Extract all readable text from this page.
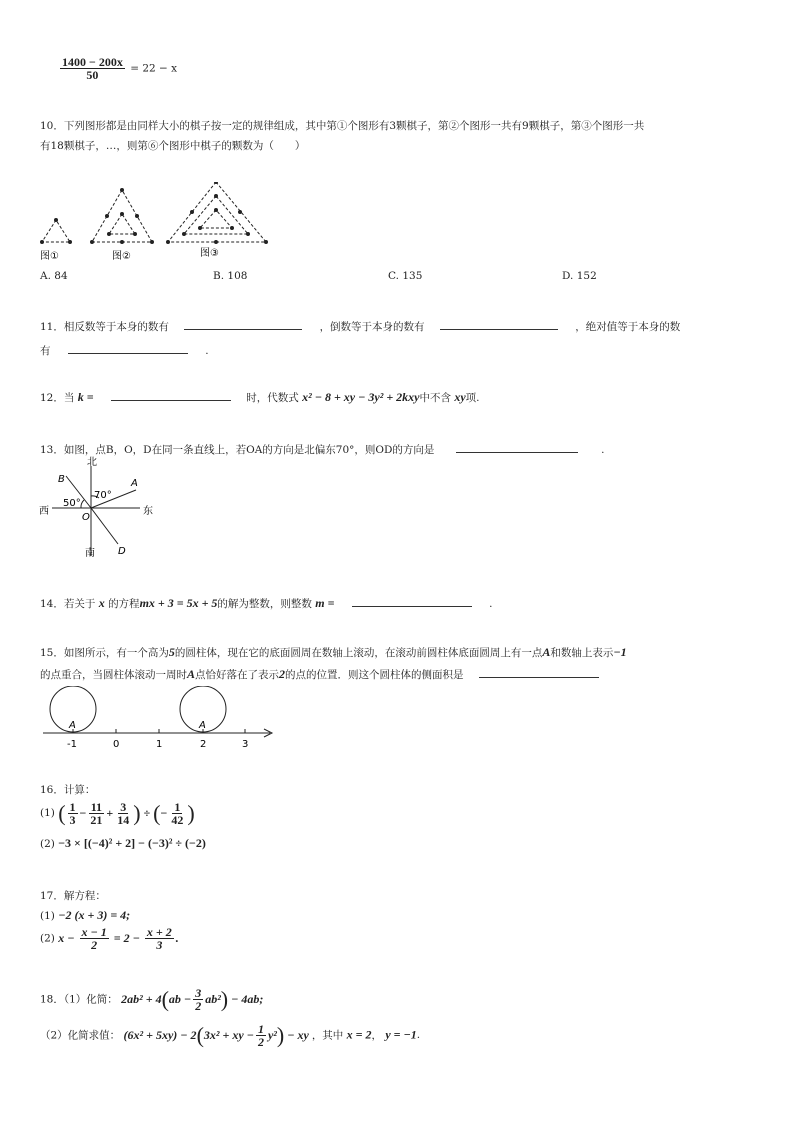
$\frac{1400 - 200x}{50} = 22 - x$
10．下列图形都是由同样大小的棋子按一定的规律组成，其中第①个图形有3颗棋子，第②个图形一共有9颗棋子，第③个图形一共
有18颗棋子，…，则第⑥个图形中棋子的颗数为（　　）
图①	图②	图③
A. 84	B. 108	C. 135	D. 152
11．相反数等于本身的数有	，倒数等于本身的数有	，绝对值等于本身的数
有	.
12．当 k =	时，代数式 x² − 8 + xy − 3y² + 2kxy中不含 xy项.
13．如图，点B，O，D在同一条直线上，若OA的方向是北偏东70°，则OD的方向是	.
北
南
西	东
B	A
O
D
70°
50°
14．若关于 x 的方程mx + 3 = 5x + 5的解为整数，则整数 m =	.
15．如图所示，有一个高为5的圆柱体，现在它的底面圆周在数轴上滚动，在滚动前圆柱体底面圆周上有一点A和数轴上表示−1
的点重合，当圆柱体滚动一周时A点恰好落在了表示2的点的位置．则这个圆柱体的侧面积是
A	A
-1	0	1	2	3
16．计算：
(1) ( $\frac{1}{3} - \frac{11}{21} + \frac{3}{14}$ ) ÷ (− $\frac{1}{42}$ )
(2) −3 × [(−4)² + 2] − (−3)² ÷ (−2)
17．解方程：
(1) −2 (x + 3) = 4;
(2) $x - \frac{x - 1}{2} = 2 - \frac{x + 2}{3}$ .
18．（1）化简： $2ab^2 + 4(ab - \frac{3}{2} ab^2) - 4ab$;
（2）化简求值： (6x² + 5xy) − 2(3x² + xy − $\frac{1}{2} y^2$) − xy ，其中 x = 2， y = −1.
